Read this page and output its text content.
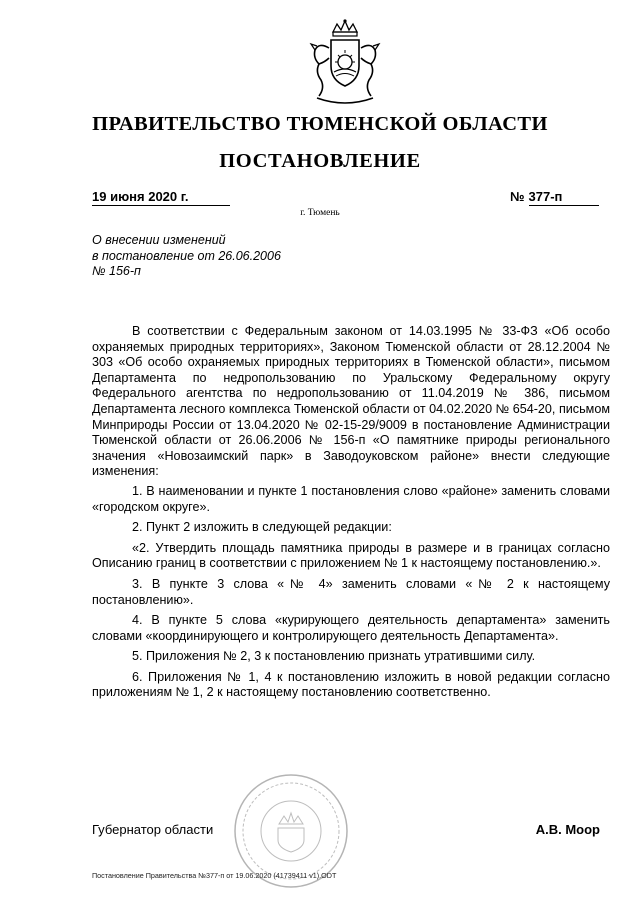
ПРАВИТЕЛЬСТВО ТЮМЕНСКОЙ ОБЛАСТИ
ПОСТАНОВЛЕНИЕ
19 июня 2020 г.	№ 377-п
г. Тюмень
О внесении изменений
в постановление от 26.06.2006
№ 156-п

В соответствии с Федеральным законом от 14.03.1995 № 33-ФЗ «Об особо охраняемых природных территориях», Законом Тюменской области от 28.12.2004 № 303 «Об особо охраняемых природных территориях в Тюменской области», письмом Департамента по недропользованию по Уральскому Федеральному округу Федерального агентства по недропользованию от 11.04.2019 № 386, письмом Департамента лесного комплекса Тюменской области от 04.02.2020 № 654-20, письмом Минприроды России от 13.04.2020 № 02-15-29/9009 в постановление Администрации Тюменской области от 26.06.2006 № 156-п «О памятнике природы регионального значения «Новозаимский парк» в Заводоуковском районе» внести следующие изменения:

1. В наименовании и пункте 1 постановления слово «районе» заменить словами «городском округе».

2. Пункт 2 изложить в следующей редакции:

«2. Утвердить площадь памятника природы в размере и в границах согласно Описанию границ в соответствии с приложением № 1 к настоящему постановлению.».

3. В пункте 3 слова «№ 4» заменить словами «№ 2 к настоящему постановлению».

4. В пункте 5 слова «курирующего деятельность департамента» заменить словами «координирующего и контролирующего деятельность Департамента».

5. Приложения № 2, 3 к постановлению признать утратившими силу.

6. Приложения № 1, 4 к постановлению изложить в новой редакции согласно приложениям № 1, 2 к настоящему постановлению соответственно.

Губернатор области	А.В. Моор
Постановление Правительства №377-п от 19.06.2020 (41739411 v1).ODT
